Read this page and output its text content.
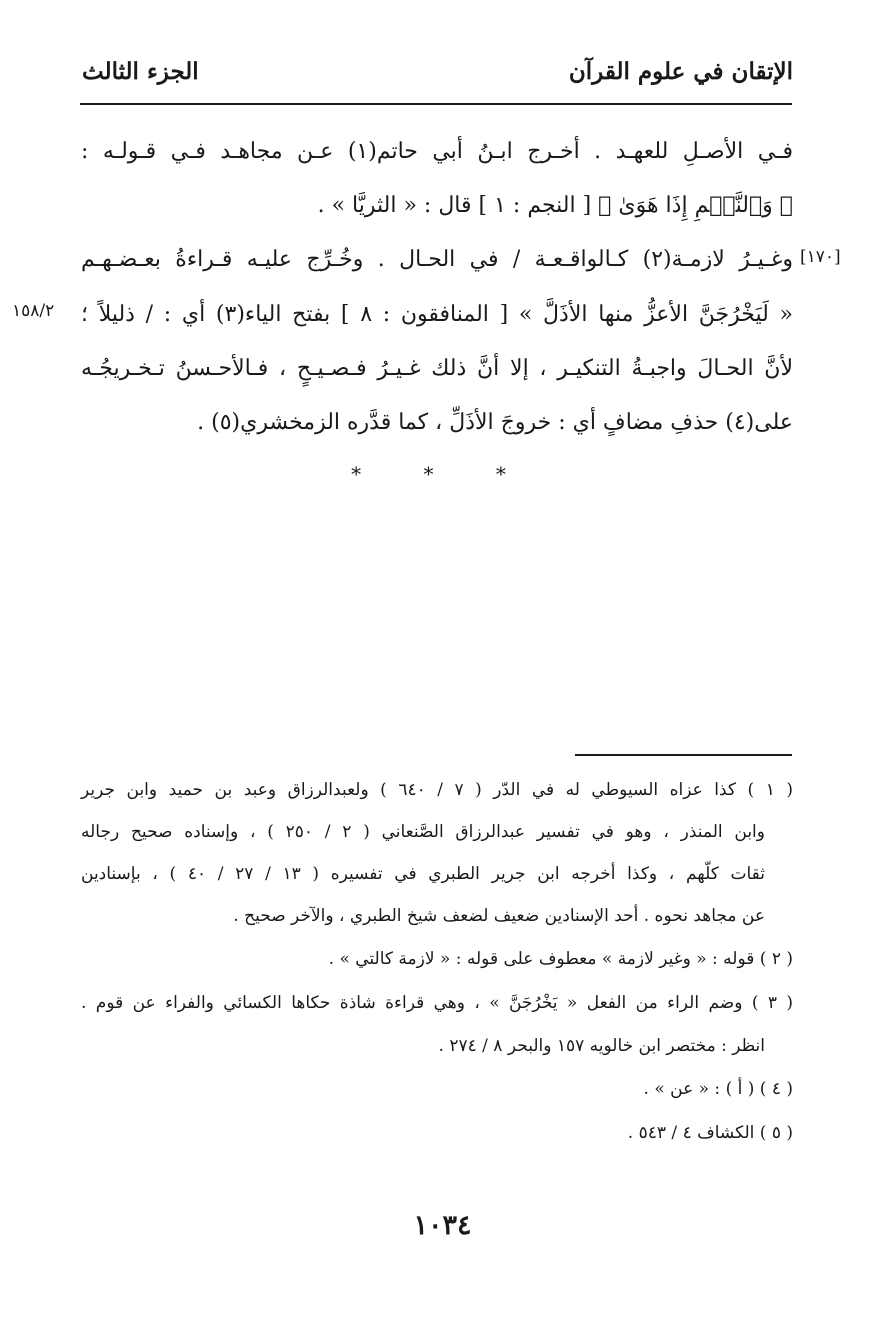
الإتقان في علوم القرآن
الجزء الثالث
[١٧٠]
١٥٨/٢
فـي الأصـلِ للعهـد . أخـرج ابـنُ أبي حاتم(١) عـن مجاهـد فـي قـولـه :
﴿ وَٱلنَّجۡمِ إِذَا هَوَىٰ ﴾ [ النجم : ١ ] قال : « الثريَّا » .
وغـيـرُ لازمـة(٢) كـالواقـعـة / في الحـال . وخُـرِّج عليـه قـراءةُ بعـضـهـم
« لَيَخْرُجَنَّ الأعزُّ منها الأذَلَّ » [ المنافقون : ٨ ] بفتح الياء(٣) أي : / ذليلاً ؛
لأنَّ الحـالَ واجبـةُ التنكيـر ، إلا أنَّ ذلك غـيـرُ فـصـيـحٍ ، فـالأحـسنُ تـخـريجُـه
على(٤) حذفِ مضافٍ أي : خروجَ الأذَلِّ ، كما قدَّره الزمخشري(٥) .
* * *
( ١ ) كذا عزاه السيوطي له في الدّر ( ٧ / ٦٤٠ ) ولعبدالرزاق وعبد بن حميد وابن جرير
وابن المنذر ، وهو في تفسير عبدالرزاق الصَّنعاني ( ٢ / ٢٥٠ ) ، وإسناده صحيح رجاله
ثقات كلّهم ، وكذا أخرجه ابن جرير الطبري في تفسيره ( ١٣ / ٢٧ / ٤٠ ) ، بإسنادين
عن مجاهد نحوه . أحد الإسنادين ضعيف لضعف شيخ الطبري ، والآخر صحيح .
( ٢ ) قوله : « وغير لازمة » معطوف على قوله : « لازمة كالتي » .
( ٣ ) وضم الراء من الفعل « يَخْرُجَنَّ » ، وهي قراءة شاذة حكاها الكسائي والفراء عن قوم .
انظر : مختصر ابن خالويه ١٥٧ والبحر ٨ / ٢٧٤ .
( ٤ ) ( أ ) : « عن » .
( ٥ ) الكشاف ٤ / ٥٤٣ .
١٠٣٤
